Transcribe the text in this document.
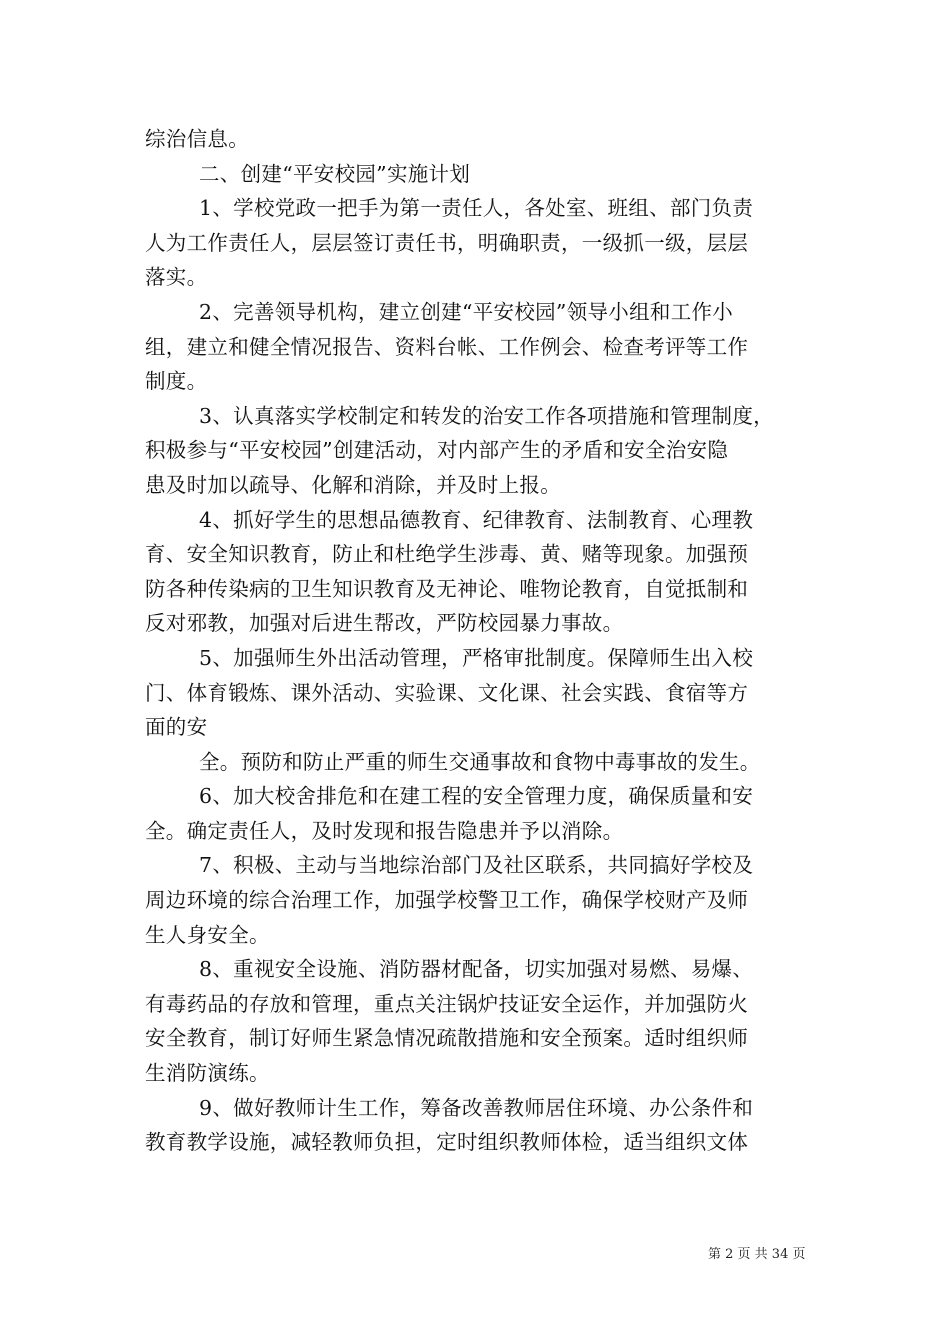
综治信息。
二、创建“平安校园”实施计划
1、学校党政一把手为第一责任人，各处室、班组、部门负责
人为工作责任人，层层签订责任书，明确职责，一级抓一级，层层
落实。
2、完善领导机构，建立创建“平安校园”领导小组和工作小
组，建立和健全情况报告、资料台帐、工作例会、检查考评等工作
制度。
3、认真落实学校制定和转发的治安工作各项措施和管理制度，
积极参与“平安校园”创建活动，对内部产生的矛盾和安全治安隐
患及时加以疏导、化解和消除，并及时上报。
4、抓好学生的思想品德教育、纪律教育、法制教育、心理教
育、安全知识教育，防止和杜绝学生涉毒、黄、赌等现象。加强预
防各种传染病的卫生知识教育及无神论、唯物论教育，自觉抵制和
反对邪教，加强对后进生帮改，严防校园暴力事故。
5、加强师生外出活动管理，严格审批制度。保障师生出入校
门、体育锻炼、课外活动、实验课、文化课、社会实践、食宿等方
面的安
全。预防和防止严重的师生交通事故和食物中毒事故的发生。
6、加大校舍排危和在建工程的安全管理力度，确保质量和安
全。确定责任人，及时发现和报告隐患并予以消除。
7、积极、主动与当地综治部门及社区联系，共同搞好学校及
周边环境的综合治理工作，加强学校警卫工作，确保学校财产及师
生人身安全。
8、重视安全设施、消防器材配备，切实加强对易燃、易爆、
有毒药品的存放和管理，重点关注锅炉技证安全运作，并加强防火
安全教育，制订好师生紧急情况疏散措施和安全预案。适时组织师
生消防演练。
9、做好教师计生工作，筹备改善教师居住环境、办公条件和
教育教学设施，减轻教师负担，定时组织教师体检，适当组织文体
第 2 页 共 34 页
